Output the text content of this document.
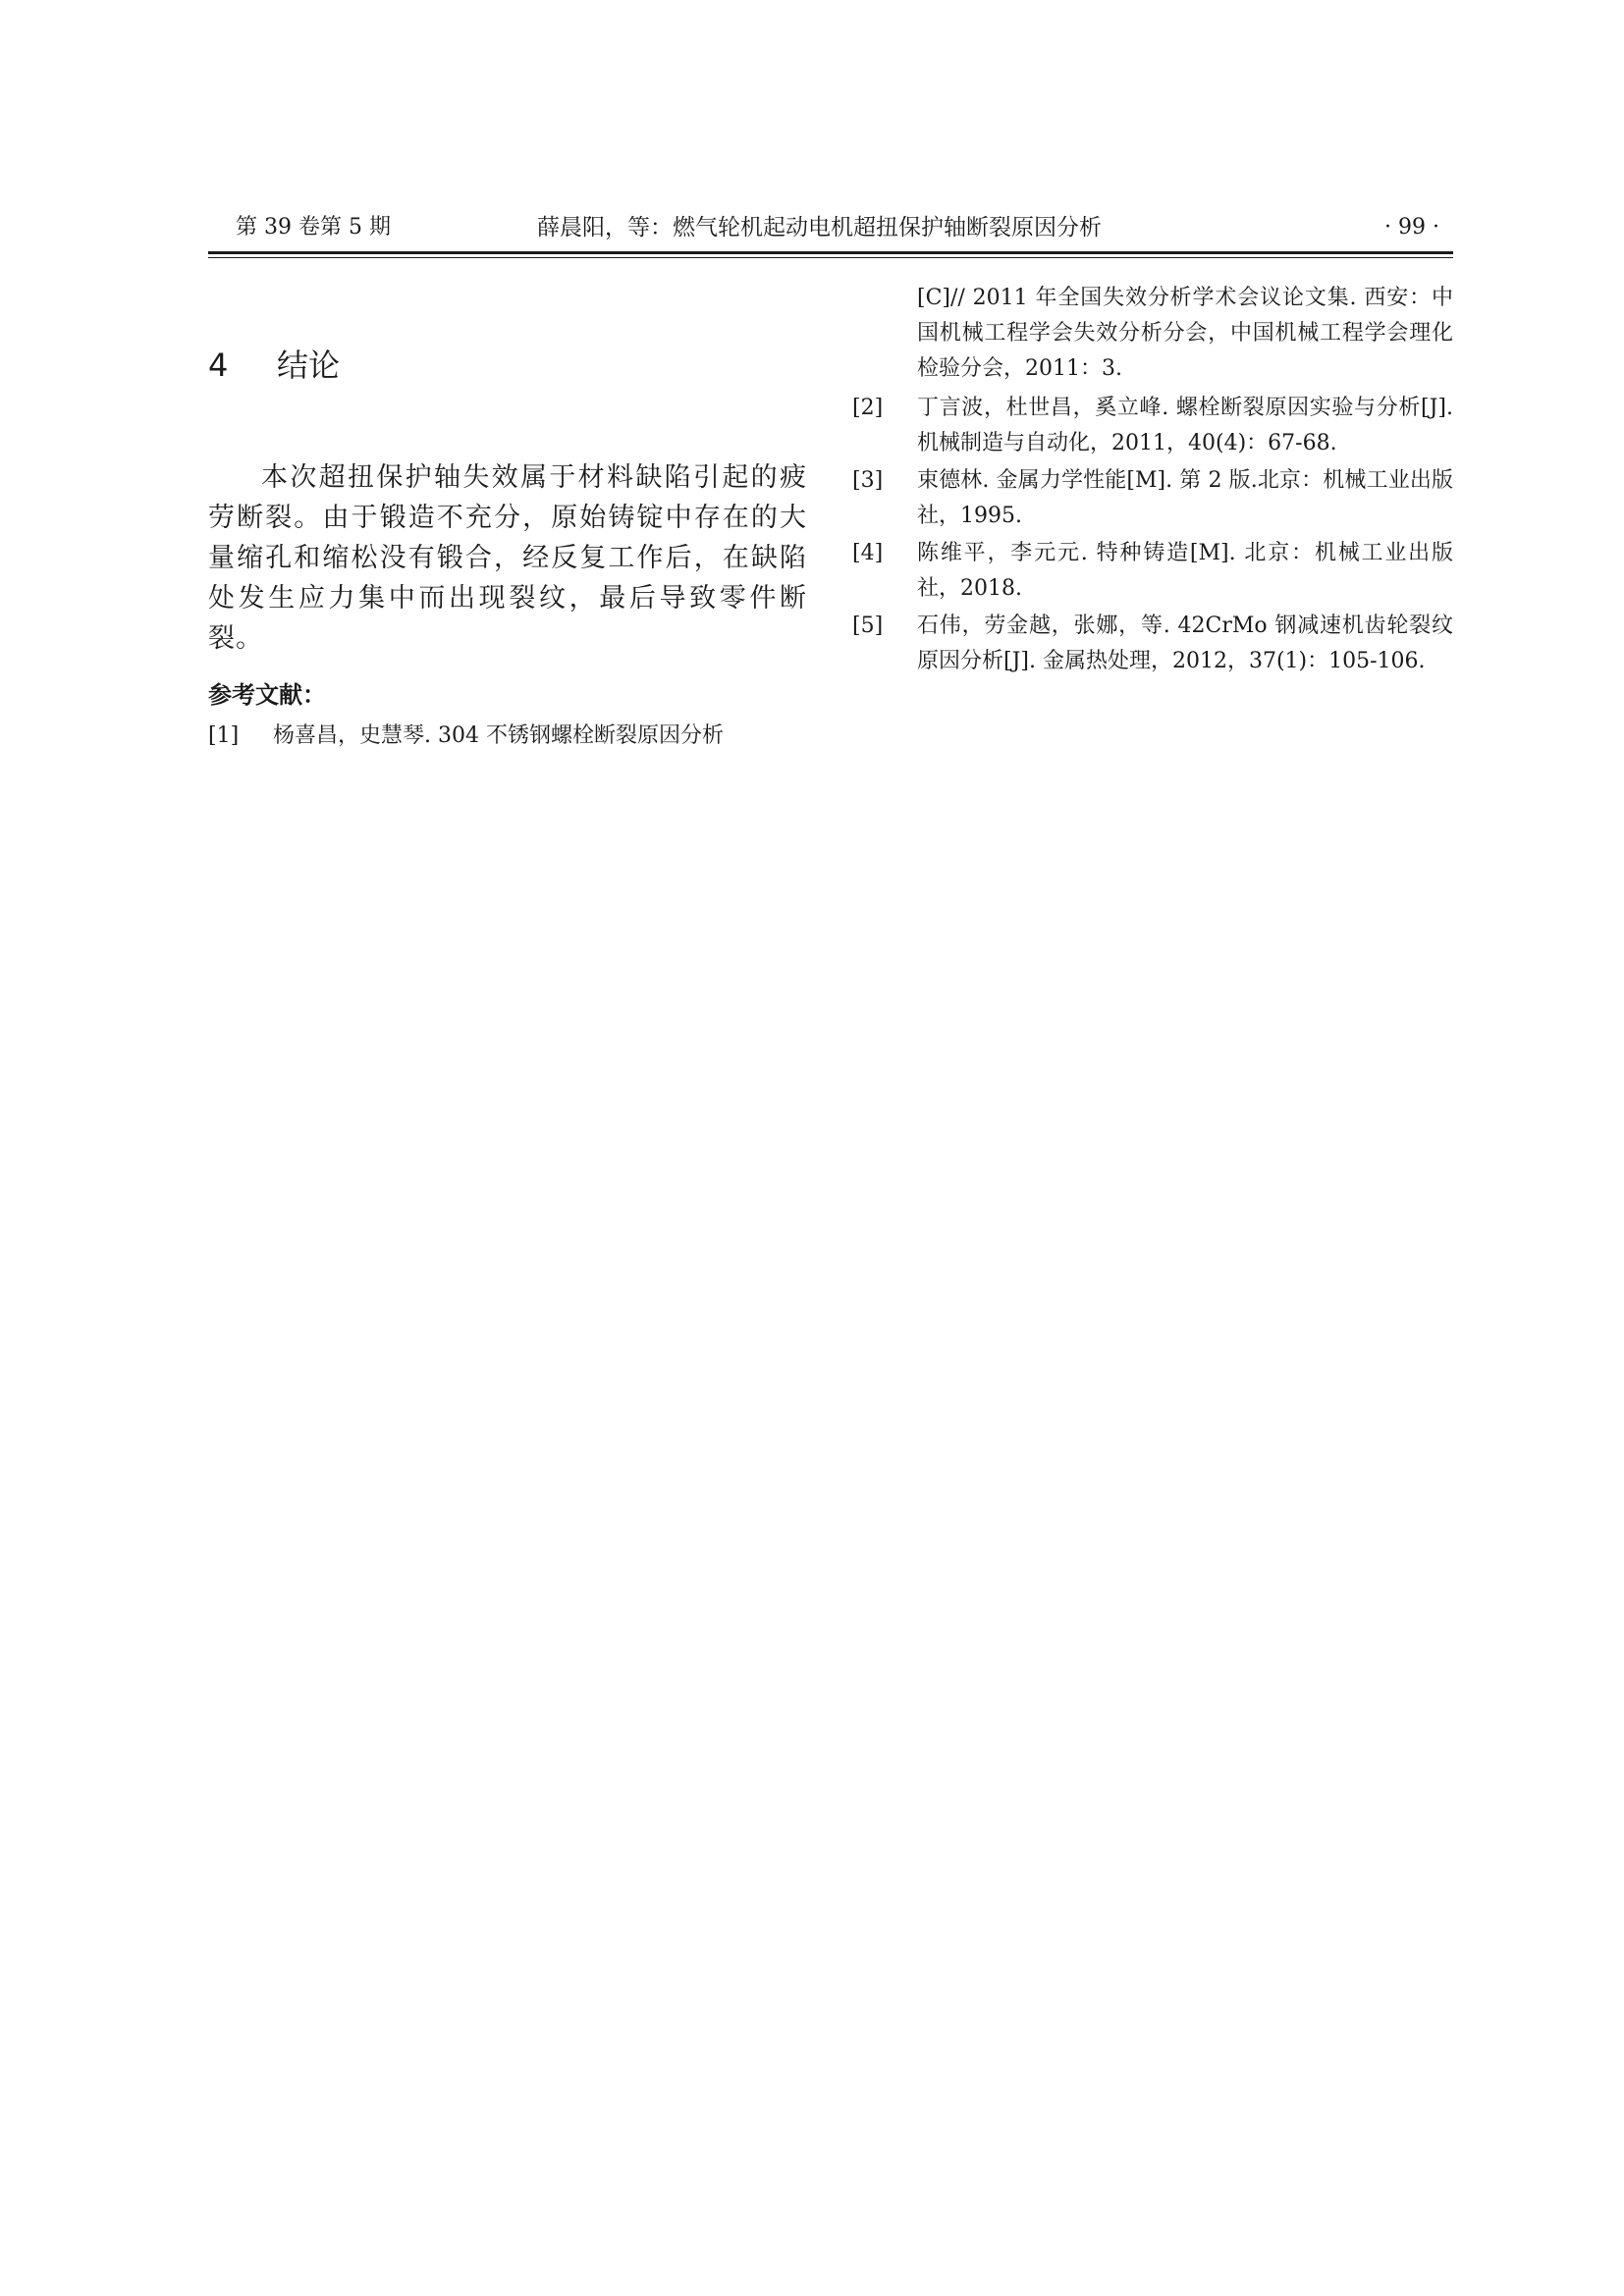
第 39 卷第 5 期	薛晨阳，等：燃气轮机起动电机超扭保护轴断裂原因分析	· 99 ·
4 结论
本次超扭保护轴失效属于材料缺陷引起的疲劳断裂。由于锻造不充分，原始铸锭中存在的大量缩孔和缩松没有锻合，经反复工作后，在缺陷处发生应力集中而出现裂纹，最后导致零件断裂。
参考文献：
[1]	杨喜昌，史慧琴. 304 不锈钢螺栓断裂原因分析
[C]// 2011 年全国失效分析学术会议论文集. 西安：中国机械工程学会失效分析分会，中国机械工程学会理化检验分会，2011：3.
[2]	丁言波，杜世昌，奚立峰. 螺栓断裂原因实验与分析[J]. 机械制造与自动化，2011，40(4)：67-68.
[3]	束德林. 金属力学性能[M]. 第 2 版.北京：机械工业出版社，1995.
[4]	陈维平，李元元. 特种铸造[M]. 北京：机械工业出版社，2018.
[5]	石伟，劳金越，张娜，等. 42CrMo 钢减速机齿轮裂纹原因分析[J]. 金属热处理，2012，37(1)：105-106.
